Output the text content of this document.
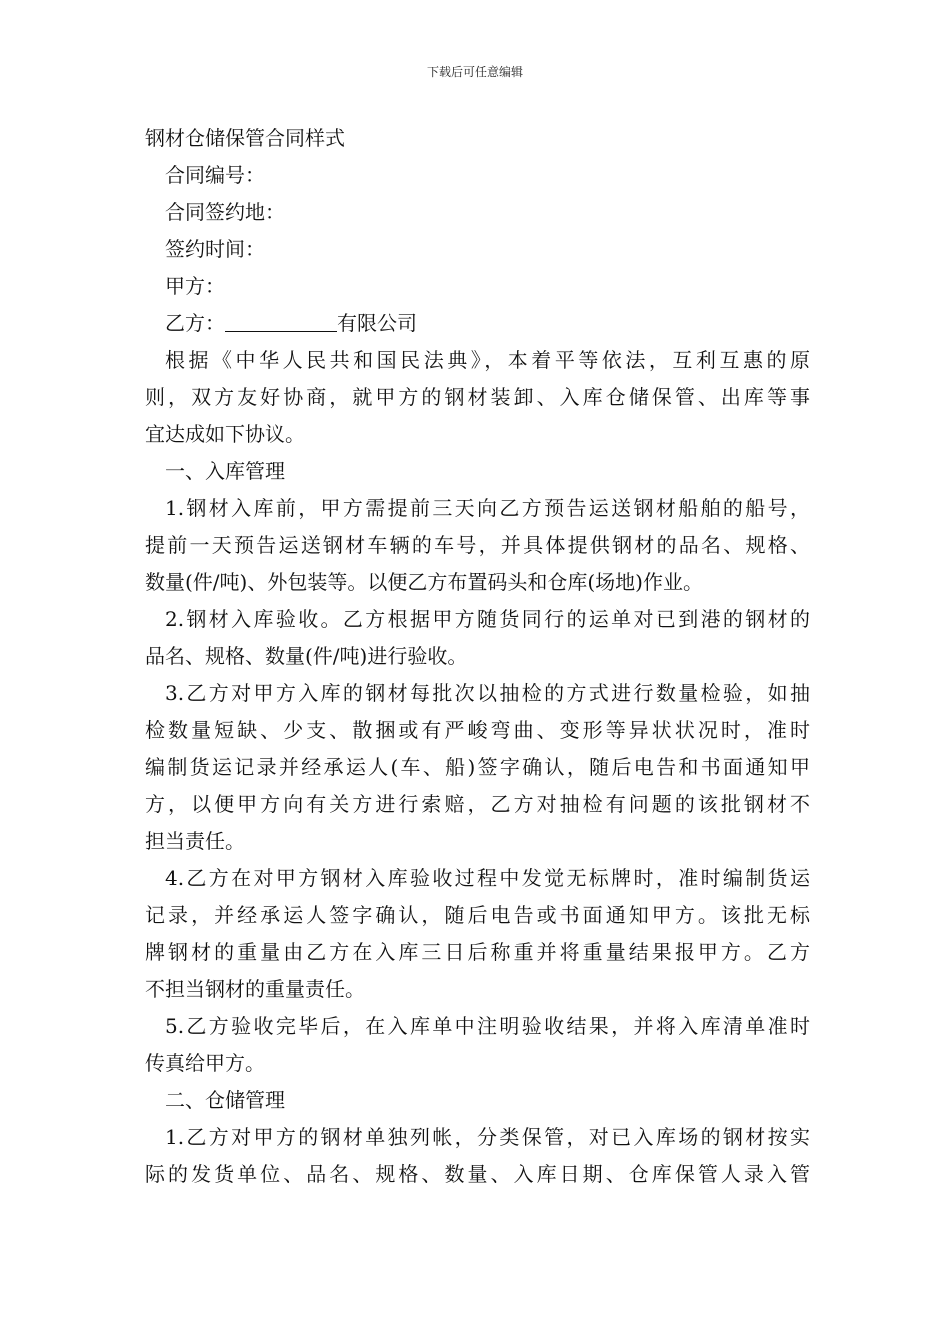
下载后可任意编辑
钢材仓储保管合同样式
合同编号：
合同签约地：
签约时间：
甲方：
乙方：	有限公司
根据《中华人民共和国民法典》，本着平等依法，互利互惠的原
则，双方友好协商，就甲方的钢材装卸、入库仓储保管、出库等事
宜达成如下协议。
一、入库管理
1.钢材入库前，甲方需提前三天向乙方预告运送钢材船舶的船号，
提前一天预告运送钢材车辆的车号，并具体提供钢材的品名、规格、
数量(件/吨)、外包装等。以便乙方布置码头和仓库(场地)作业。
2.钢材入库验收。乙方根据甲方随货同行的运单对已到港的钢材的
品名、规格、数量(件/吨)进行验收。
3.乙方对甲方入库的钢材每批次以抽检的方式进行数量检验，如抽
检数量短缺、少支、散捆或有严峻弯曲、变形等异状状况时，准时
编制货运记录并经承运人(车、船)签字确认，随后电告和书面通知甲
方，以便甲方向有关方进行索赔，乙方对抽检有问题的该批钢材不
担当责任。
4.乙方在对甲方钢材入库验收过程中发觉无标牌时，准时编制货运
记录，并经承运人签字确认，随后电告或书面通知甲方。该批无标
牌钢材的重量由乙方在入库三日后称重并将重量结果报甲方。乙方
不担当钢材的重量责任。
5.乙方验收完毕后，在入库单中注明验收结果，并将入库清单准时
传真给甲方。
二、仓储管理
1.乙方对甲方的钢材单独列帐，分类保管，对已入库场的钢材按实
际的发货单位、品名、规格、数量、入库日期、仓库保管人录入管
